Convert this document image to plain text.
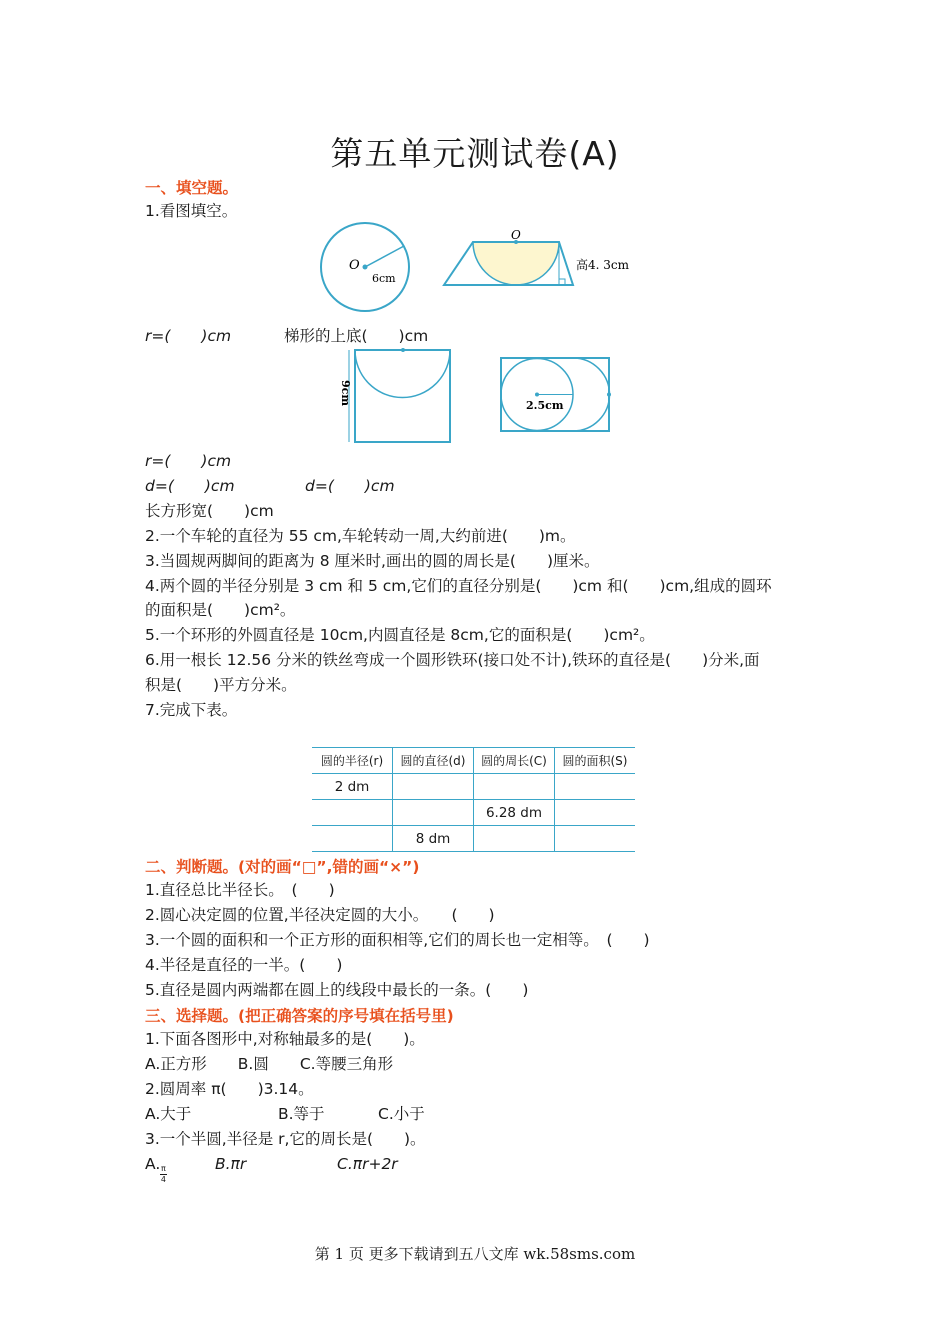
第五单元测试卷(A)
一、填空题。
1.看图填空。
O
6cm
O
高4. 3cm
r=(　　)cm	梯形的上底(　　)cm
9cm	2.5cm
r=(　　)cm
d=(　　)cm	d=(　　)cm
长方形宽(　　)cm
2.一个车轮的直径为 55 cm,车轮转动一周,大约前进(　　)m。
3.当圆规两脚间的距离为 8 厘米时,画出的圆的周长是(　　)厘米。
4.两个圆的半径分别是 3 cm 和 5 cm,它们的直径分别是(　　)cm 和(　　)cm,组成的圆环
的面积是(　　)cm²。
5.一个环形的外圆直径是 10cm,内圆直径是 8cm,它的面积是(　　)cm²。
6.用一根长 12.56 分米的铁丝弯成一个圆形铁环(接口处不计),铁环的直径是(　　)分米,面
积是(　　)平方分米。
7.完成下表。
圆的半径(r)	圆的直径(d)	圆的周长(C)	圆的面积(S)
2 dm			
		6.28 dm	
	8 dm		
二、判断题。(对的画“□”,错的画“×”)
1.直径总比半径长。　(　　)
2.圆心决定圆的位置,半径决定圆的大小。　　(　　)
3.一个圆的面积和一个正方形的面积相等,它们的周长也一定相等。　(　　)
4.半径是直径的一半。(　　)
5.直径是圆内两端都在圆上的线段中最长的一条。(　　)
三、选择题。(把正确答案的序号填在括号里)
1.下面各图形中,对称轴最多的是(　　)。
A.正方形　　B.圆　　C.等腰三角形
2.圆周率 π(　　)3.14。
A.大于	B.等于	C.小于
3.一个半圆,半径是 r,它的周长是(　　)。
A. $\frac{\pi}{4}$	B.πr	C.πr+2r
第 1 页 更多下载请到五八文库 wk.58sms.com
